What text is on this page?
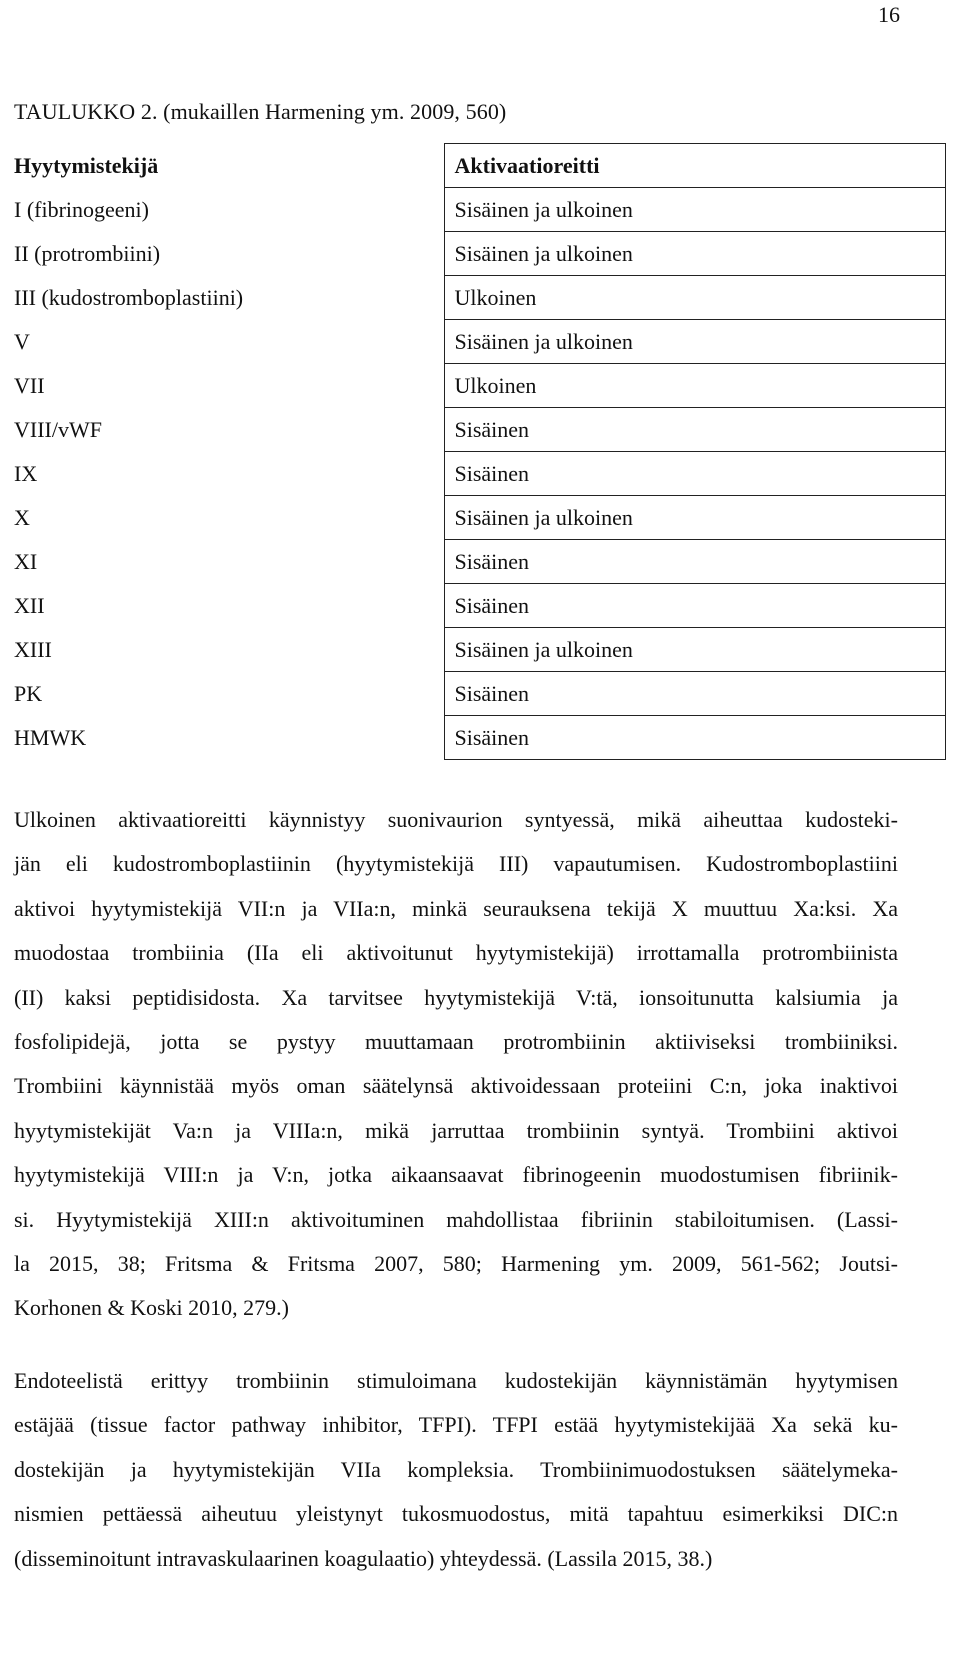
16
TAULUKKO 2. (mukaillen Harmening ym. 2009, 560)
Hyytymistekijä	Aktivaatioreitti
I (fibrinogeeni)	Sisäinen ja ulkoinen
II (protrombiini)	Sisäinen ja ulkoinen
III (kudostromboplastiini)	Ulkoinen
V	Sisäinen ja ulkoinen
VII	Ulkoinen
VIII/vWF	Sisäinen
IX	Sisäinen
X	Sisäinen ja ulkoinen
XI	Sisäinen
XII	Sisäinen
XIII	Sisäinen ja ulkoinen
PK	Sisäinen
HMWK	Sisäinen
Ulkoinen aktivaatioreitti käynnistyy suonivaurion syntyessä, mikä aiheuttaa kudosteki-
jän eli kudostromboplastiinin (hyytymistekijä III) vapautumisen. Kudostromboplastiini
aktivoi hyytymistekijä VII:n ja VIIa:n, minkä seurauksena tekijä X muuttuu Xa:ksi. Xa
muodostaa trombiinia (IIa eli aktivoitunut hyytymistekijä) irrottamalla protrombiinista
(II) kaksi peptidisidosta. Xa tarvitsee hyytymistekijä V:tä, ionsoitunutta kalsiumia ja
fosfolipidejä, jotta se pystyy muuttamaan protrombiinin aktiiviseksi trombiiniksi.
Trombiini käynnistää myös oman säätelynsä aktivoidessaan proteiini C:n, joka inaktivoi
hyytymistekijät Va:n ja VIIIa:n, mikä jarruttaa trombiinin syntyä. Trombiini aktivoi
hyytymistekijä VIII:n ja V:n, jotka aikaansaavat fibrinogeenin muodostumisen fibriinik-
si. Hyytymistekijä XIII:n aktivoituminen mahdollistaa fibriinin stabiloitumisen. (Lassi-
la 2015, 38; Fritsma & Fritsma 2007, 580; Harmening ym. 2009, 561-562; Joutsi-
Korhonen & Koski 2010, 279.)
Endoteelistä erittyy trombiinin stimuloimana kudostekijän käynnistämän hyytymisen
estäjää (tissue factor pathway inhibitor, TFPI). TFPI estää hyytymistekijää Xa sekä ku-
dostekijän ja hyytymistekijän VIIa kompleksia. Trombiinimuodostuksen säätelymeka-
nismien pettäessä aiheutuu yleistynyt tukosmuodostus, mitä tapahtuu esimerkiksi DIC:n
(disseminoitunt intravaskulaarinen koagulaatio) yhteydessä. (Lassila 2015, 38.)
